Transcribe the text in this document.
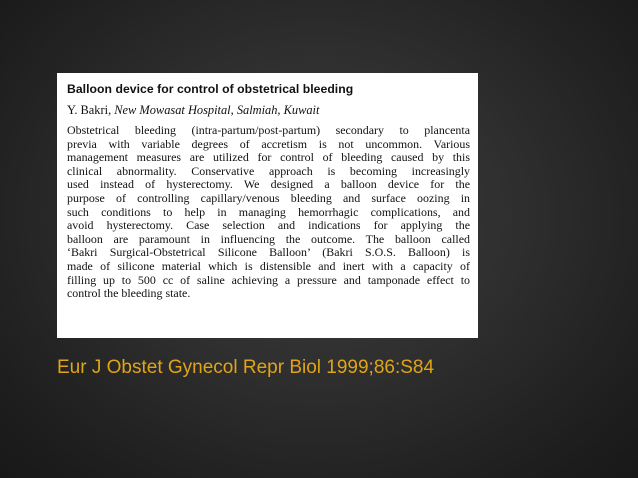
Balloon device for control of obstetrical bleeding

Y. Bakri, New Mowasat Hospital, Salmiah, Kuwait

Obstetrical bleeding (intra-partum/post-partum) secondary to plancenta
previa with variable degrees of accretism is not uncommon. Various
management measures are utilized for control of bleeding caused by this
clinical abnormality. Conservative approach is becoming increasingly
used instead of hysterectomy. We designed a balloon device for the
purpose of controlling capillary/venous bleeding and surface oozing in
such conditions to help in managing hemorrhagic complications, and
avoid hysterectomy. Case selection and indications for applying the
balloon are paramount in influencing the outcome. The balloon called
‘Bakri Surgical-Obstetrical Silicone Balloon’ (Bakri S.O.S. Balloon) is
made of silicone material which is distensible and inert with a capacity of
filling up to 500 cc of saline achieving a pressure and tamponade effect to
control the bleeding state.
Eur J Obstet Gynecol Repr Biol 1999;86:S84
